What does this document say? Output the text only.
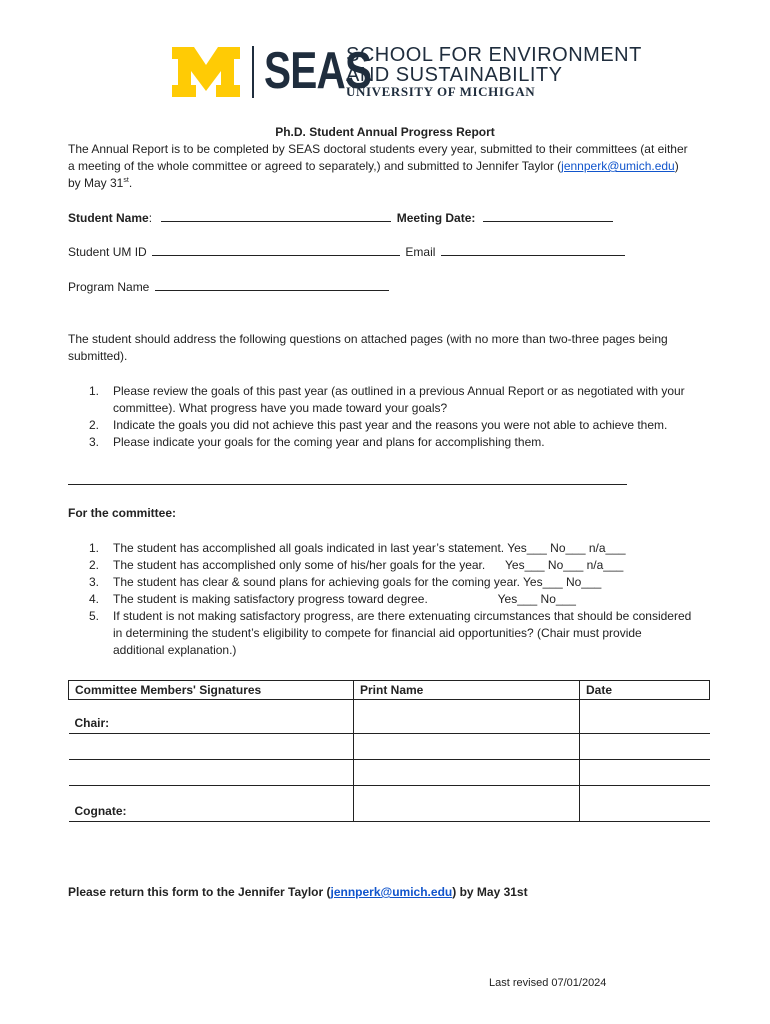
SEAS
SCHOOL FOR ENVIRONMENT
AND SUSTAINABILITY
UNIVERSITY OF MICHIGAN
Ph.D. Student Annual Progress Report
The Annual Report is to be completed by SEAS doctoral students every year, submitted to their committees (at either
a meeting of the whole committee or agreed to separately,) and submitted to Jennifer Taylor (jennperk@umich.edu)
by May 31st.
Student Name:	Meeting Date:
Student UM ID	Email
Program Name
The student should address the following questions on attached pages (with no more than two-three pages being
submitted).
1. Please review the goals of this past year (as outlined in a previous Annual Report or as negotiated with your
committee). What progress have you made toward your goals?
2. Indicate the goals you did not achieve this past year and the reasons you were not able to achieve them.
3. Please indicate your goals for the coming year and plans for accomplishing them.
For the committee:
1. The student has accomplished all goals indicated in last year’s statement. Yes___ No___ n/a___
2. The student has accomplished only some of his/her goals for the year.      Yes___ No___ n/a___
3. The student has clear & sound plans for achieving goals for the coming year. Yes___ No___
4. The student is making satisfactory progress toward degree.                     Yes___ No___
5. If student is not making satisfactory progress, are there extenuating circumstances that should be considered
in determining the student’s eligibility to compete for financial aid opportunities? (Chair must provide
additional explanation.)
Committee Members' Signatures	Print Name	Date
Chair:		

Cognate:		
Please return this form to the Jennifer Taylor (jennperk@umich.edu) by May 31st
Last revised 07/01/2024
